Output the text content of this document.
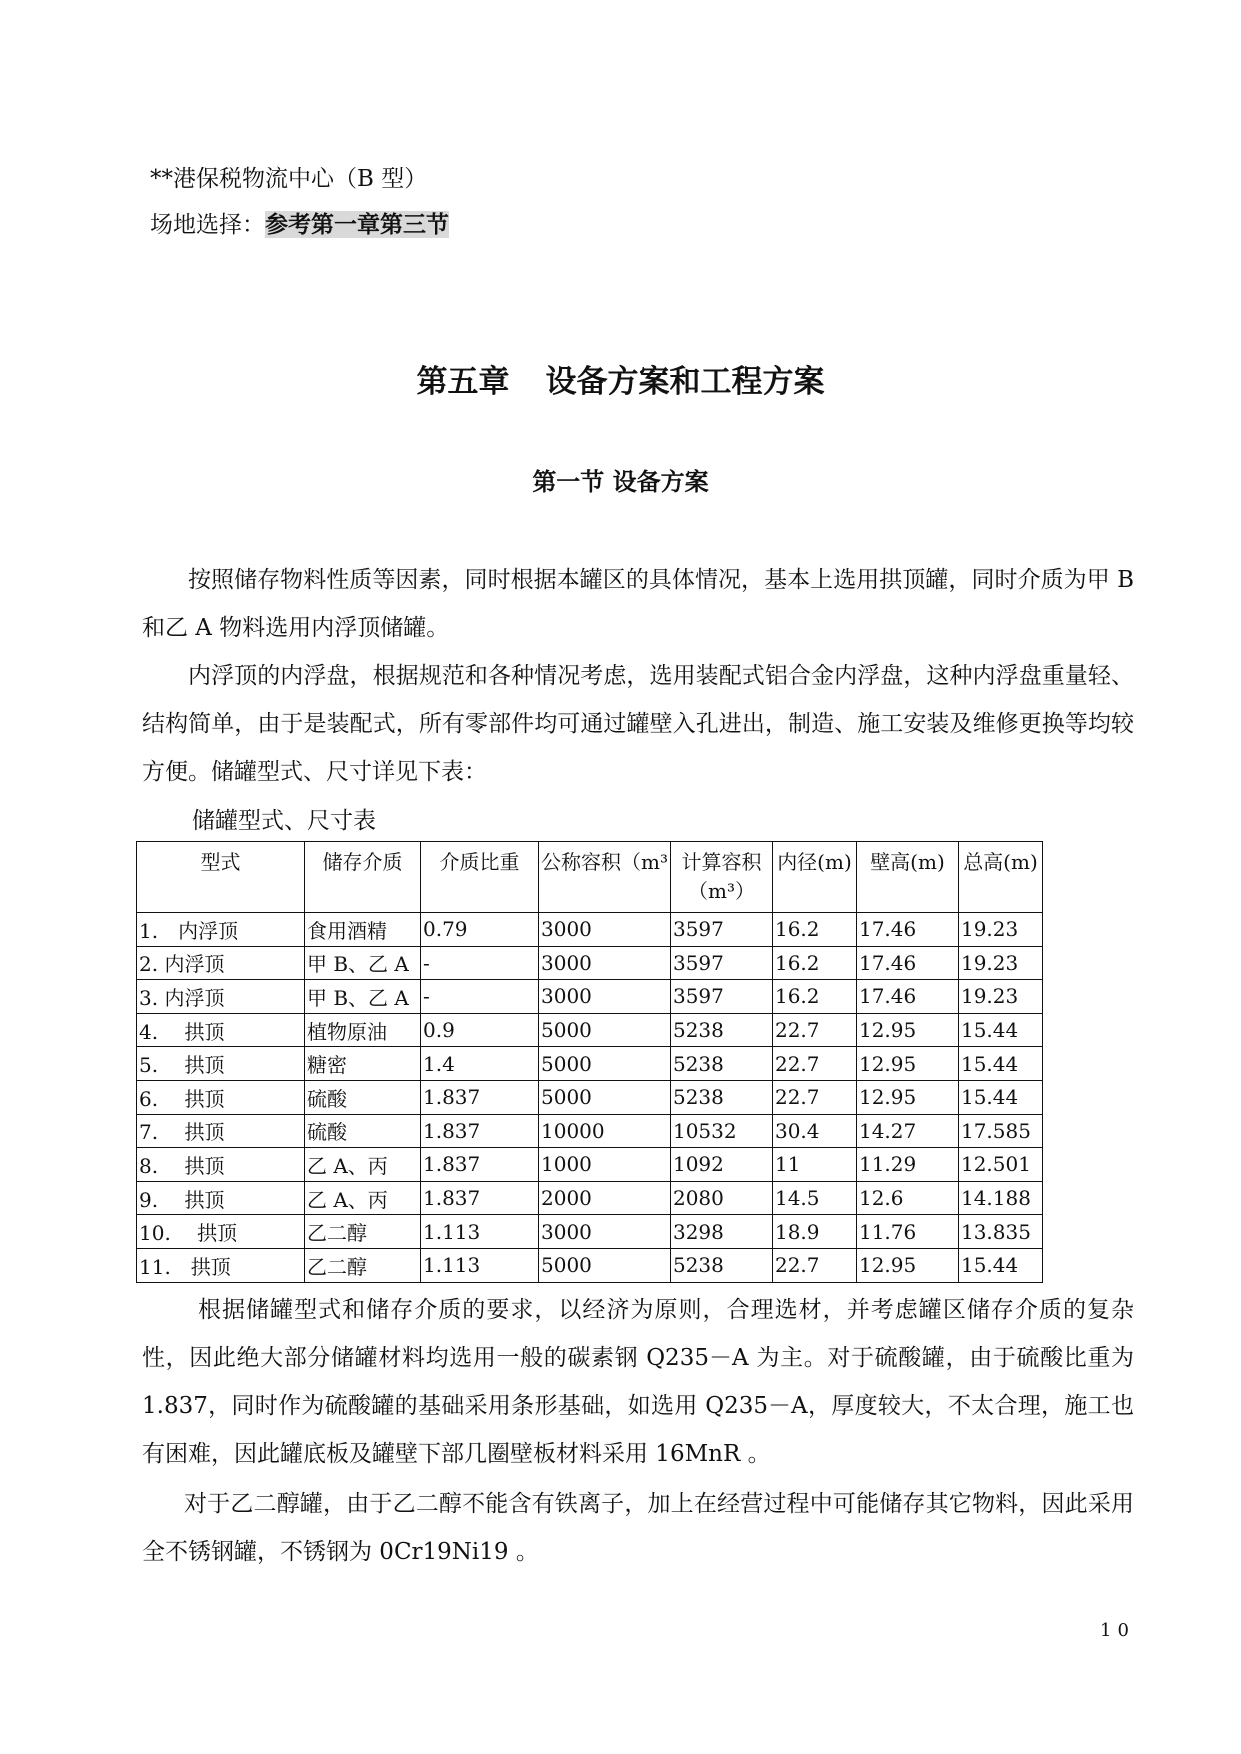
**港保税物流中心（B 型）
场地选择：参考第一章第三节
第五章 设备方案和工程方案
第一节 设备方案
按照储存物料性质等因素，同时根据本罐区的具体情况，基本上选用拱顶罐，同时介质为甲 B 和乙 A 物料选用内浮顶储罐。
内浮顶的内浮盘，根据规范和各种情况考虑，选用装配式铝合金内浮盘，这种内浮盘重量轻、结构简单，由于是装配式，所有零部件均可通过罐壁入孔进出，制造、施工安装及维修更换等均较方便。储罐型式、尺寸详见下表：
储罐型式、尺寸表
型式	储存介质	介质比重	公称容积（m³	计算容积（m³）	内径(m)	壁高(m)	总高(m)
1.　内浮顶	食用酒精	0.79	3000	3597	16.2	17.46	19.23
2. 内浮顶	甲 B、乙 A	-	3000	3597	16.2	17.46	19.23
3. 内浮顶	甲 B、乙 A	-	3000	3597	16.2	17.46	19.23
4.　 拱顶	植物原油	0.9	5000	5238	22.7	12.95	15.44
5.　 拱顶	糖密	1.4	5000	5238	22.7	12.95	15.44
6.　 拱顶	硫酸	1.837	5000	5238	22.7	12.95	15.44
7.　 拱顶	硫酸	1.837	10000	10532	30.4	14.27	17.585
8.　 拱顶	乙 A、丙	1.837	1000	1092	11	11.29	12.501
9.　 拱顶	乙 A、丙	1.837	2000	2080	14.5	12.6	14.188
10.　 拱顶	乙二醇	1.113	3000	3298	18.9	11.76	13.835
11.　拱顶	乙二醇	1.113	5000	5238	22.7	12.95	15.44
根据储罐型式和储存介质的要求，以经济为原则，合理选材，并考虑罐区储存介质的复杂性，因此绝大部分储罐材料均选用一般的碳素钢 Q235－A 为主。对于硫酸罐，由于硫酸比重为 1.837，同时作为硫酸罐的基础采用条形基础，如选用 Q235－A，厚度较大，不太合理，施工也有困难，因此罐底板及罐壁下部几圈壁板材料采用 16MnR 。
对于乙二醇罐，由于乙二醇不能含有铁离子，加上在经营过程中可能储存其它物料，因此采用全不锈钢罐，不锈钢为 0Cr19Ni19 。
10
